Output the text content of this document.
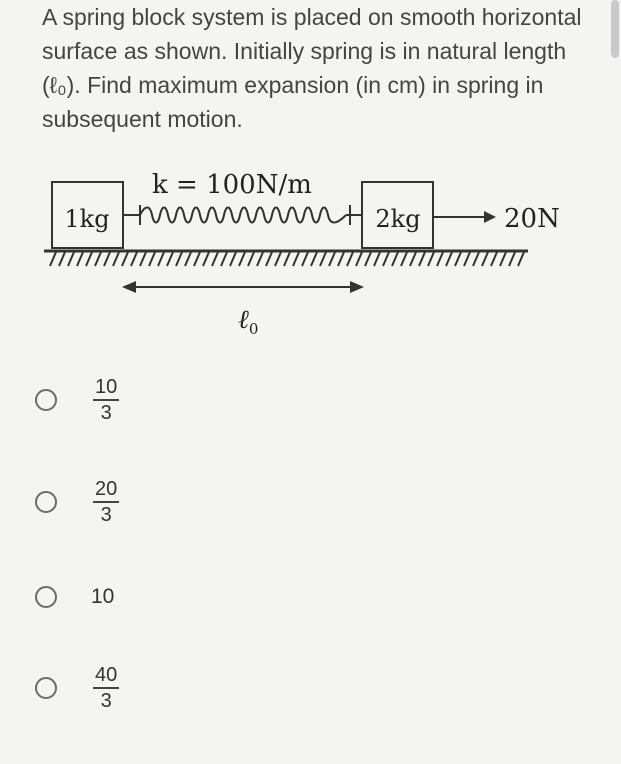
A spring block system is placed on smooth horizontal surface as shown. Initially spring is in natural length (ℓ₀). Find maximum expansion (in cm) in spring in subsequent motion.

k = 100N/m
1kg	2kg	20N
ℓ$_0$
$\frac{10}{3}$
$\frac{20}{3}$
10
$\frac{40}{3}$
